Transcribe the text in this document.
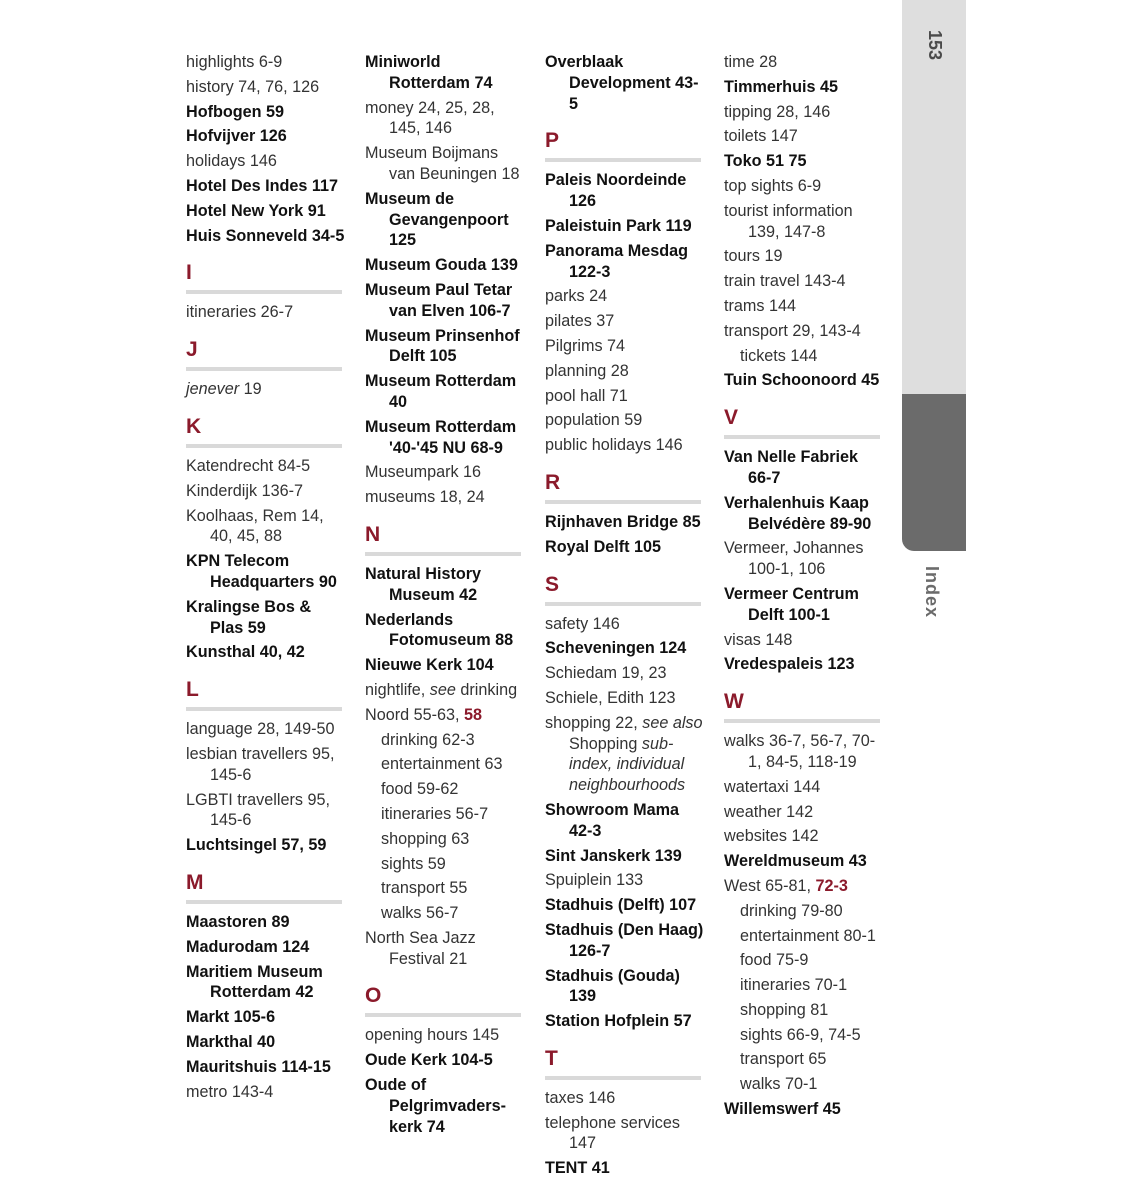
highlights 6-9
history 74, 76, 126
Hofbogen 59
Hofvijver 126
holidays 146
Hotel Des Indes 117
Hotel New York 91
Huis Sonneveld 34-5
I
itineraries 26-7
J
jenever 19
K
Katendrecht 84-5
Kinderdijk 136-7
Koolhaas, Rem 14, 40, 45, 88
KPN Telecom Headquarters 90
Kralingse Bos & Plas 59
Kunsthal 40, 42
L
language 28, 149-50
lesbian travellers 95, 145-6
LGBTI travellers 95, 145-6
Luchtsingel 57, 59
M
Maastoren 89
Madurodam 124
Maritiem Museum Rotterdam 42
Markt 105-6
Markthal 40
Mauritshuis 114-15
metro 143-4
Miniworld Rotterdam 74
money 24, 25, 28, 145, 146
Museum Boijmans van Beuningen 18
Museum de Gevangenpoort 125
Museum Gouda 139
Museum Paul Tetar van Elven 106-7
Museum Prinsenhof Delft 105
Museum Rotterdam 40
Museum Rotterdam '40-'45 NU 68-9
Museumpark 16
museums 18, 24
N
Natural History Museum 42
Nederlands Fotomuseum 88
Nieuwe Kerk 104
nightlife, see drinking
Noord 55-63, 58
drinking 62-3
entertainment 63
food 59-62
itineraries 56-7
shopping 63
sights 59
transport 55
walks 56-7
North Sea Jazz Festival 21
O
opening hours 145
Oude Kerk 104-5
Oude of Pelgrimvaders-kerk 74
Overblaak Development 43-5
P
Paleis Noordeinde 126
Paleistuin Park 119
Panorama Mesdag 122-3
parks 24
pilates 37
Pilgrims 74
planning 28
pool hall 71
population 59
public holidays 146
R
Rijnhaven Bridge 85
Royal Delft 105
S
safety 146
Scheveningen 124
Schiedam 19, 23
Schiele, Edith 123
shopping 22, see also Shopping sub-index, individual neighbourhoods
Showroom Mama 42-3
Sint Janskerk 139
Spuiplein 133
Stadhuis (Delft) 107
Stadhuis (Den Haag) 126-7
Stadhuis (Gouda) 139
Station Hofplein 57
T
taxes 146
telephone services 147
TENT 41
time 28
Timmerhuis 45
tipping 28, 146
toilets 147
Toko 51 75
top sights 6-9
tourist information 139, 147-8
tours 19
train travel 143-4
trams 144
transport 29, 143-4
tickets 144
Tuin Schoonoord 45
V
Van Nelle Fabriek 66-7
Verhalenhuis Kaap Belvédère 89-90
Vermeer, Johannes 100-1, 106
Vermeer Centrum Delft 100-1
visas 148
Vredespaleis 123
W
walks 36-7, 56-7, 70-1, 84-5, 118-19
watertaxi 144
weather 142
websites 142
Wereldmuseum 43
West 65-81, 72-3
drinking 79-80
entertainment 80-1
food 75-9
itineraries 70-1
shopping 81
sights 66-9, 74-5
transport 65
walks 70-1
Willemswerf 45
153
Index
